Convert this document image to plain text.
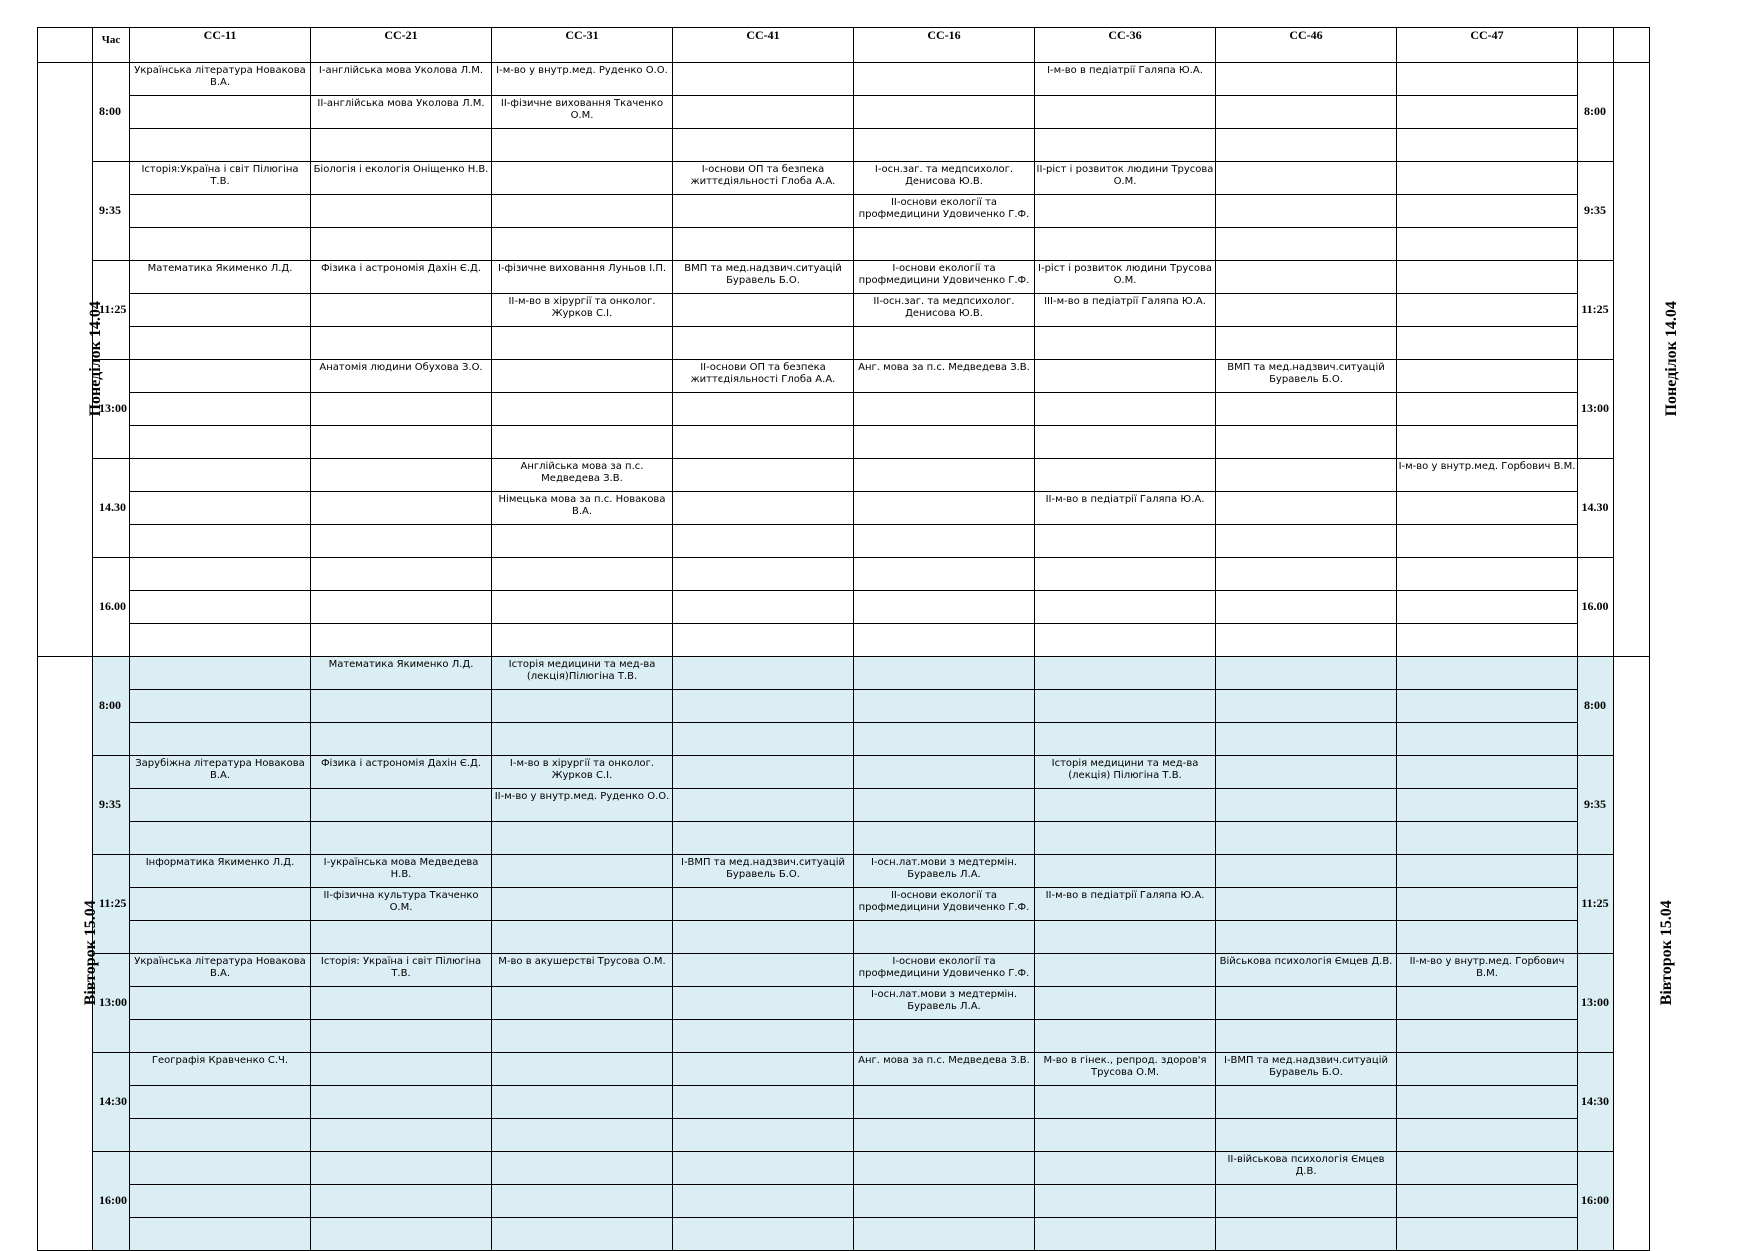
	Час	СС-11	СС-21	СС-31	СС-41	СС-16	СС-36	СС-46	СС-47		
Понеділок 14.04	8:00	Українська література Новакова В.А.	І-англійська мова Уколова Л.М.	І-м-во у внутр.мед. Руденко О.О.			І-м-во в педіатрії Галяпа Ю.А.			8:00	Понеділок 14.04
			ІІ-англійська мова Уколова Л.М.	ІІ-фізичне виховання Ткаченко О.М.							

	9:35	Історія:Україна і світ Пілюгіна Т.В.	Біологія і екологія Оніщенко Н.В.		І-основи ОП та безпека життєдіяльності Глоба А.А.	І-осн.заг. та медпсихолог. Денисова Ю.В.	ІІ-ріст і розвиток людини Трусова О.М.			9:35	
						ІІ-основи екології та профмедицини Удовиченко Г.Ф.					

	11:25	Математика Якименко Л.Д.	Фізика і астрономія Дахін Є.Д.	І-фізичне виховання Луньов І.П.	ВМП та мед.надзвич.ситуацій Буравель Б.О.	І-основи екології та профмедицини Удовиченко Г.Ф.	І-ріст і розвиток людини Трусова О.М.			11:25	
				ІІ-м-во в хірургії та онколог. Журков С.І.		ІІ-осн.заг. та медпсихолог. Денисова Ю.В.	ІІІ-м-во в педіатрії Галяпа Ю.А.				

	13:00		Анатомія людини Обухова З.О.		ІІ-основи ОП та безпека життєдіяльності Глоба А.А.	Анг. мова за п.с. Медведева З.В.		ВМП та мед.надзвич.ситуацій Буравель Б.О.		13:00	

	14.30			Англійська мова за п.с. Медведева З.В.					І-м-во у внутр.мед. Горбович В.М.	14.30	
				Німецька мова за п.с. Новакова В.А.			ІІ-м-во в педіатрії Галяпа Ю.А.				

	16.00									16.00	

Вівторок 15.04	8:00		Математика Якименко Л.Д.	Історія медицини та мед-ва (лекція)Пілюгіна Т.В.						8:00	Вівторок 15.04

	9:35	Зарубіжна література Новакова В.А.	Фізика і астрономія Дахін Є.Д.	І-м-во в хірургії та онколог. Журков С.І.			Історія медицини та мед-ва (лекція) Пілюгіна Т.В.			9:35	
				ІІ-м-во у внутр.мед. Руденко О.О.							

	11:25	Інформатика Якименко Л.Д.	І-українська мова Медведева Н.В.		І-ВМП та мед.надзвич.ситуацій Буравель Б.О.	І-осн.лат.мови з медтермін. Буравель Л.А.				11:25	
			ІІ-фізична культура Ткаченко О.М.			ІІ-основи екології та профмедицини Удовиченко Г.Ф.	ІІ-м-во в педіатрії Галяпа Ю.А.				

	13:00	Українська література Новакова В.А.	Історія: Україна і світ Пілюгіна Т.В.	М-во в акушерстві Трусова О.М.		І-основи екології та профмедицини Удовиченко Г.Ф.		Військова психологія Ємцев Д.В.	ІІ-м-во у внутр.мед. Горбович В.М.	13:00	
						І-осн.лат.мови з медтермін. Буравель Л.А.					

	14:30	Географія Кравченко С.Ч.				Анг. мова за п.с. Медведева З.В.	М-во в гінек., репрод. здоров'я Трусова О.М.	І-ВМП та мед.надзвич.ситуацій Буравель Б.О.		14:30	

	16:00							ІІ-військова психологія Ємцев Д.В.		16:00	
